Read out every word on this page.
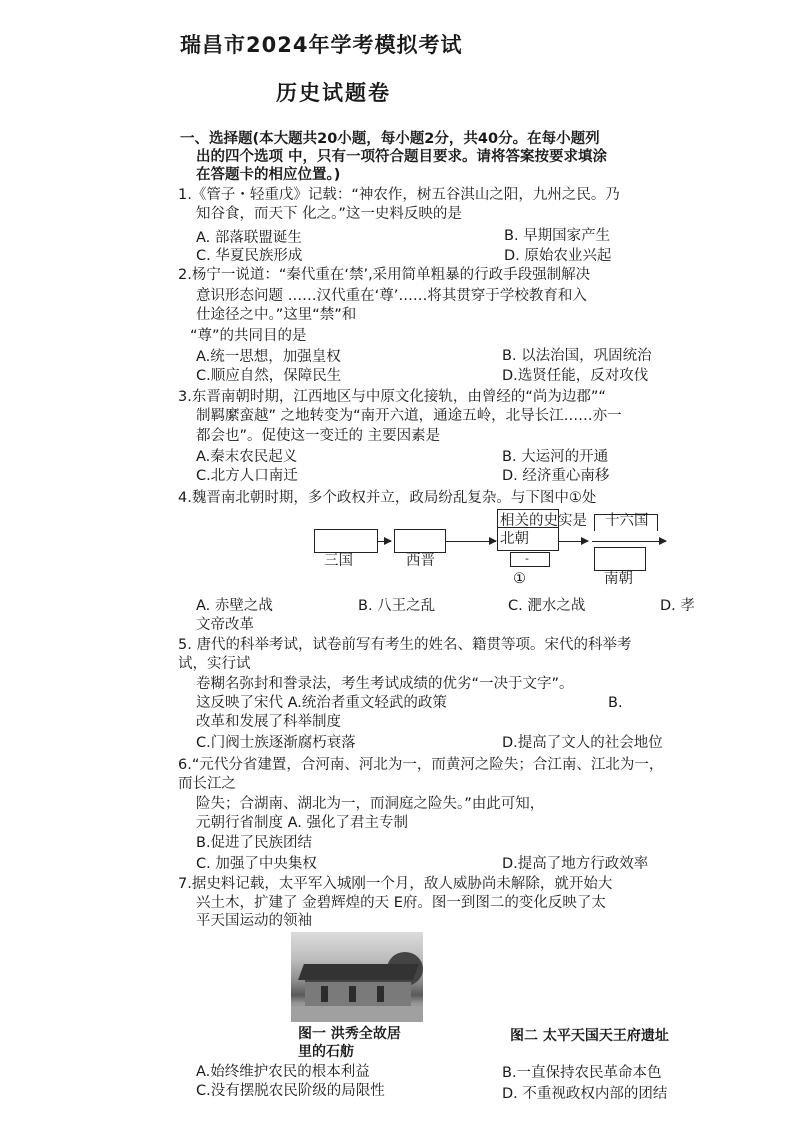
瑞昌市2024年学考模拟考试
历史试题卷
一、选择题(本大题共20小题，每小题2分，共40分。在每小题列
出的四个选项 中，只有一项符合题目要求。请将答案按要求填涂
在答题卡的相应位置。)
1.《管子・轻重戊》记载：“神农作，树五谷淇山之阳，九州之民。乃
知谷食，而天下 化之。”这一史料反映的是
A. 部落联盟诞生	B. 早期国家产生
C. 华夏民族形成	D. 原始农业兴起
2.杨宁一说道：“秦代重在‘禁’,采用简单粗暴的行政手段强制解决
意识形态问题 ……汉代重在‘尊’……将其贯穿于学校教育和入
仕途径之中。”这里“禁”和
“尊”的共同目的是
A.统一思想，加强皇权	B. 以法治国，巩固统治
C.顺应自然，保障民生	D.选贤任能，反对攻伐
3.东晋南朝时期，江西地区与中原文化接轨，由曾经的“尚为边郡”“
制羁縻蛮越” 之地转变为“南开六道，通途五岭，北导长江……亦一
都会也”。促使这一变迁的 主要因素是
A.秦末农民起义	B. 大运河的开通
C.北方人口南迁	D. 经济重心南移
4.魏晋南北朝时期，多个政权并立，政局纷乱复杂。与下图中①处
三国	西晋
相关的史实是 十六国
北朝
-
①	南朝
A. 赤壁之战	B. 八王之乱	C. 淝水之战	D. 孝
文帝改革
5. 唐代的科举考试，试卷前写有考生的姓名、籍贯等项。宋代的科举考
试，实行试
卷糊名弥封和誊录法，考生考试成绩的优劣“一决于文字”。
这反映了宋代 A.统治者重文轻武的政策	B.
改革和发展了科举制度
C.门阀士族逐渐腐朽衰落	D.提高了文人的社会地位
6.“元代分省建置，合河南、河北为一，而黄河之险失；合江南、江北为一，
而长江之
险失；合湖南、湖北为一，而洞庭之险失。”由此可知，
元朝行省制度 A. 强化了君主专制
B.促进了民族团结
C. 加强了中央集权	D.提高了地方行政效率
7.据史料记载，太平军入城刚一个月，敌人威胁尚未解除，就开始大
兴土木，扩建了 金碧辉煌的天 E府。图一到图二的变化反映了太
平天国运动的领袖
图一 洪秀全故居
里的石舫
图二 太平天国天王府遗址
A.始终维护农民的根本利益	B.一直保持农民革命本色
C.没有摆脱农民阶级的局限性	D. 不重视政权内部的团结
